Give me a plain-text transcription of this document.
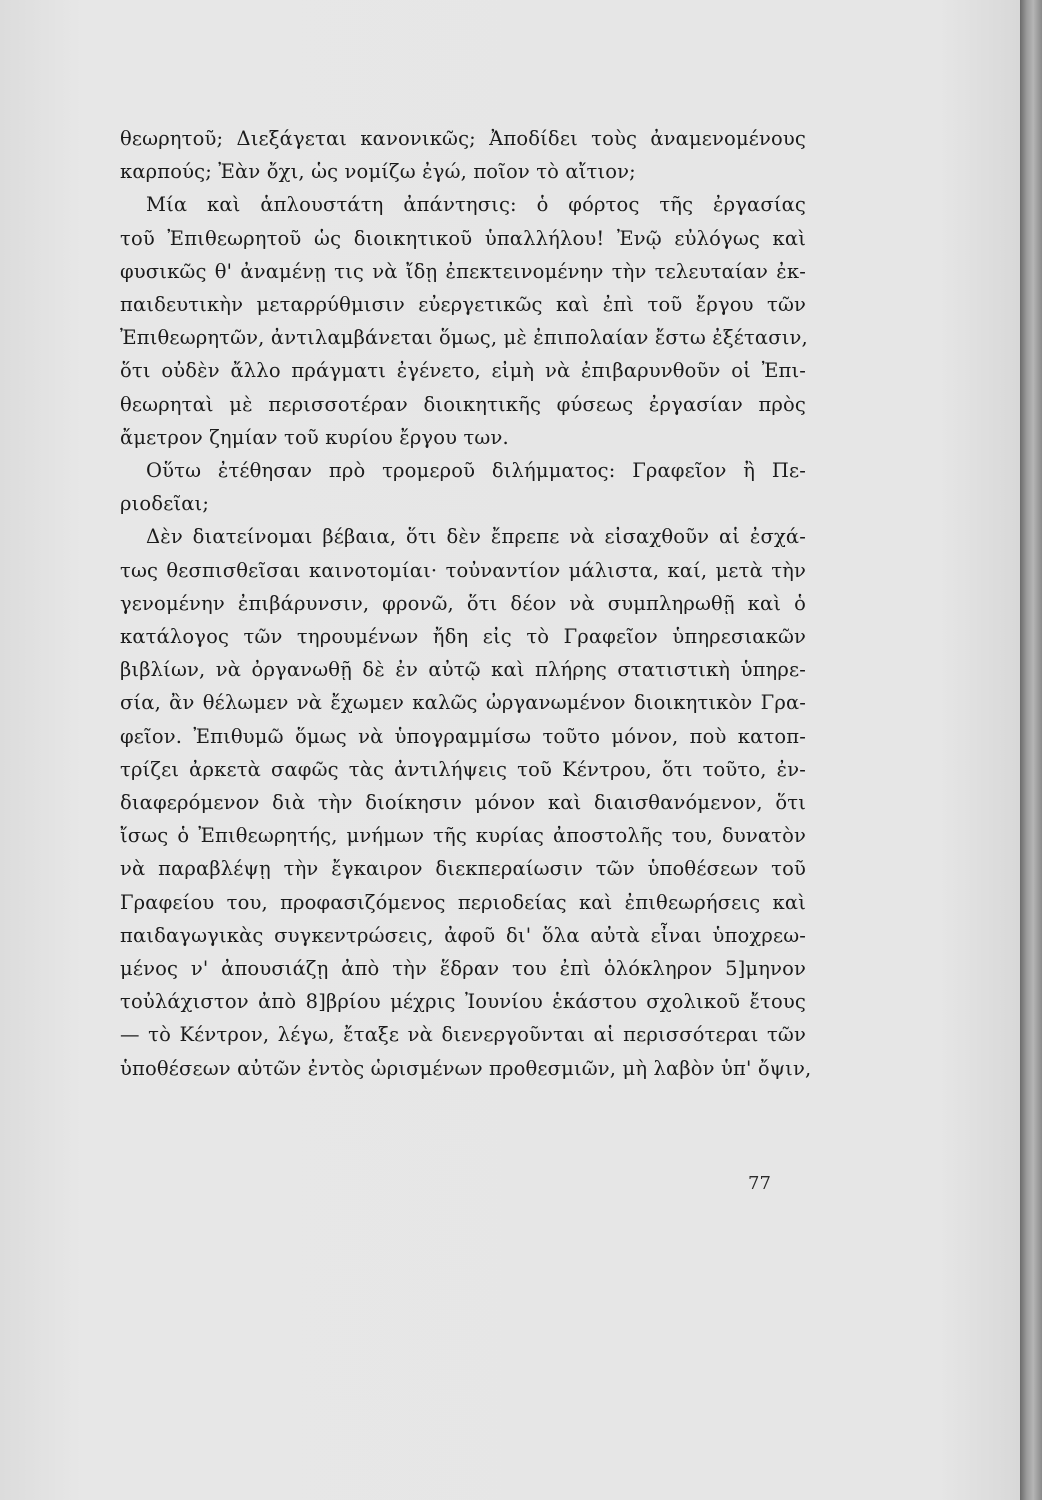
θεωρητοῦ; Διεξάγεται κανονικῶς; Ἀποδίδει τοὺς ἀναμενομένους
καρπούς; Ἐὰν ὄχι, ὡς νομίζω ἐγώ, ποῖον τὸ αἴτιον;
Μία καὶ ἁπλουστάτη ἀπάντησις: ὁ φόρτος τῆς ἐργασίας
τοῦ Ἐπιθεωρητοῦ ὡς διοικητικοῦ ὑπαλλήλου! Ἐνῷ εὐλόγως καὶ
φυσικῶς θ' ἀναμένῃ τις νὰ ἴδῃ ἐπεκτεινομένην τὴν τελευταίαν ἐκ-
παιδευτικὴν μεταρρύθμισιν εὐεργετικῶς καὶ ἐπὶ τοῦ ἔργου τῶν
Ἐπιθεωρητῶν, ἀντιλαμβάνεται ὅμως, μὲ ἐπιπολαίαν ἔστω ἐξέτασιν,
ὅτι οὐδὲν ἄλλο πράγματι ἐγένετο, εἰμὴ νὰ ἐπιβαρυνθοῦν οἱ Ἐπι-
θεωρηταὶ μὲ περισσοτέραν διοικητικῆς φύσεως ἐργασίαν πρὸς
ἄμετρον ζημίαν τοῦ κυρίου ἔργου των.
Οὕτω ἐτέθησαν πρὸ τρομεροῦ διλήμματος: Γραφεῖον ἢ Πε-
ριοδεῖαι;
Δὲν διατείνομαι βέβαια, ὅτι δὲν ἔπρεπε νὰ εἰσαχθοῦν αἱ ἐσχά-
τως θεσπισθεῖσαι καινοτομίαι· τοὐναντίον μάλιστα, καί, μετὰ τὴν
γενομένην ἐπιβάρυνσιν, φρονῶ, ὅτι δέον νὰ συμπληρωθῇ καὶ ὁ
κατάλογος τῶν τηρουμένων ἤδη εἰς τὸ Γραφεῖον ὑπηρεσιακῶν
βιβλίων, νὰ ὀργανωθῇ δὲ ἐν αὐτῷ καὶ πλήρης στατιστικὴ ὑπηρε-
σία, ἂν θέλωμεν νὰ ἔχωμεν καλῶς ὠργανωμένον διοικητικὸν Γρα-
φεῖον. Ἐπιθυμῶ ὅμως νὰ ὑπογραμμίσω τοῦτο μόνον, ποὺ κατοπ-
τρίζει ἀρκετὰ σαφῶς τὰς ἀντιλήψεις τοῦ Κέντρου, ὅτι τοῦτο, ἐν-
διαφερόμενον διὰ τὴν διοίκησιν μόνον καὶ διαισθανόμενον, ὅτι
ἴσως ὁ Ἐπιθεωρητής, μνήμων τῆς κυρίας ἀποστολῆς του, δυνατὸν
νὰ παραβλέψῃ τὴν ἔγκαιρον διεκπεραίωσιν τῶν ὑποθέσεων τοῦ
Γραφείου του, προφασιζόμενος περιοδείας καὶ ἐπιθεωρήσεις καὶ
παιδαγωγικὰς συγκεντρώσεις, ἀφοῦ δι' ὅλα αὐτὰ εἶναι ὑποχρεω-
μένος ν' ἀπουσιάζῃ ἀπὸ τὴν ἕδραν του ἐπὶ ὁλόκληρον 5]μηνον
τοὐλάχιστον ἀπὸ 8]βρίου μέχρις Ἰουνίου ἑκάστου σχολικοῦ ἔτους
— τὸ Κέντρον, λέγω, ἔταξε νὰ διενεργοῦνται αἱ περισσότεραι τῶν
ὑποθέσεων αὐτῶν ἐντὸς ὡρισμένων προθεσμιῶν, μὴ λαβὸν ὑπ' ὄψιν,
77
